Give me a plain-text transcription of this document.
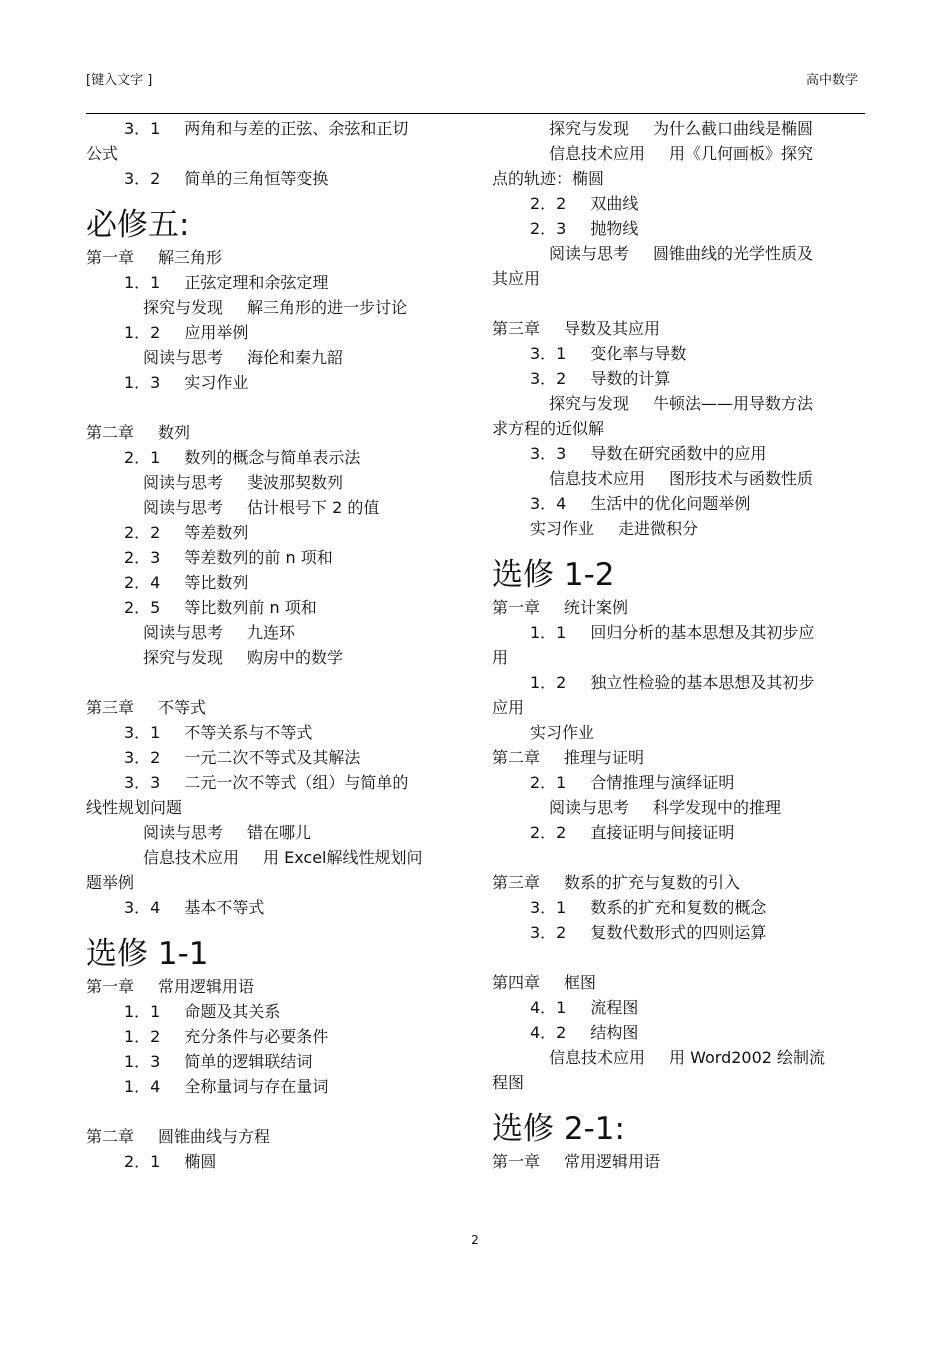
[键入文字 ]	高中数学
3．1 两角和与差的正弦、余弦和正切
公式
3．2 简单的三角恒等变换
必修五:
第一章 解三角形
1．1 正弦定理和余弦定理
探究与发现 解三角形的进一步讨论
1．2 应用举例
阅读与思考 海伦和秦九韶
1．3 实习作业
第二章 数列
2．1 数列的概念与简单表示法
阅读与思考 斐波那契数列
阅读与思考 估计根号下 2 的值
2．2 等差数列
2．3 等差数列的前 n 项和
2．4 等比数列
2．5 等比数列前 n 项和
阅读与思考 九连环
探究与发现 购房中的数学
第三章 不等式
3．1 不等关系与不等式
3．2 一元二次不等式及其解法
3．3 二元一次不等式（组）与简单的
线性规划问题
阅读与思考 错在哪儿
信息技术应用 用 Excel解线性规划问
题举例
3．4 基本不等式
选修 1-1
第一章 常用逻辑用语
1．1 命题及其关系
1．2 充分条件与必要条件
1．3 简单的逻辑联结词
1．4 全称量词与存在量词
第二章 圆锥曲线与方程
2．1 椭圆
探究与发现 为什么截口曲线是椭圆
信息技术应用 用《几何画板》探究
点的轨迹：椭圆
2．2 双曲线
2．3 抛物线
阅读与思考 圆锥曲线的光学性质及
其应用
第三章 导数及其应用
3．1 变化率与导数
3．2 导数的计算
探究与发现 牛顿法——用导数方法
求方程的近似解
3．3 导数在研究函数中的应用
信息技术应用 图形技术与函数性质
3．4 生活中的优化问题举例
实习作业 走进微积分
选修 1-2
第一章 统计案例
1．1 回归分析的基本思想及其初步应
用
1．2 独立性检验的基本思想及其初步
应用
实习作业
第二章 推理与证明
2．1 合情推理与演绎证明
阅读与思考 科学发现中的推理
2．2 直接证明与间接证明
第三章 数系的扩充与复数的引入
3．1 数系的扩充和复数的概念
3．2 复数代数形式的四则运算
第四章 框图
4．1 流程图
4．2 结构图
信息技术应用 用 Word2002 绘制流
程图
选修 2-1:
第一章 常用逻辑用语
2
